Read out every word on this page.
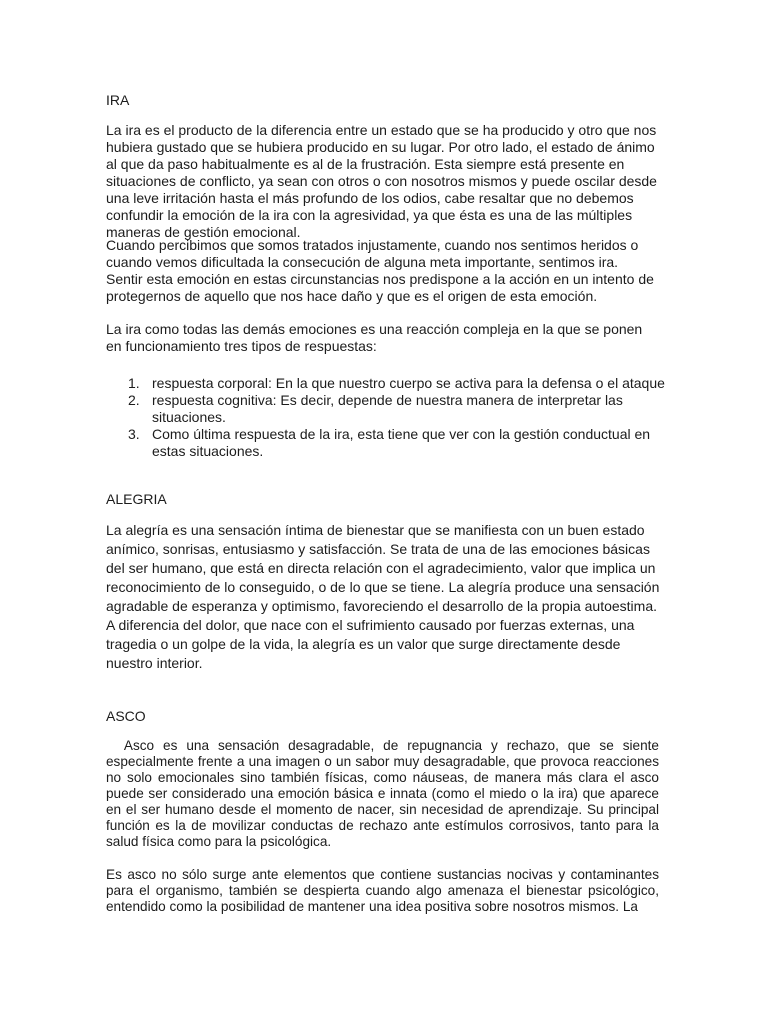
IRA

La ira es el producto de la diferencia entre un estado que se ha producido y otro que nos hubiera gustado que se hubiera producido en su lugar. Por otro lado, el estado de ánimo al que da paso habitualmente es al de la frustración. Esta siempre está presente en situaciones de conflicto, ya sean con otros o con nosotros mismos y puede oscilar desde una leve irritación hasta el más profundo de los odios, cabe resaltar que no debemos confundir la emoción de la ira con la agresividad, ya que ésta es una de las múltiples maneras de gestión emocional.

Cuando percibimos que somos tratados injustamente, cuando nos sentimos heridos o cuando vemos dificultada la consecución de alguna meta importante, sentimos ira. Sentir esta emoción en estas circunstancias nos predispone a la acción en un intento de protegernos de aquello que nos hace daño y que es el origen de esta emoción.

La ira como todas las demás emociones es una reacción compleja en la que se ponen en funcionamiento tres tipos de respuestas:

1. respuesta corporal: En la que nuestro cuerpo se activa para la defensa o el ataque
2. respuesta cognitiva: Es decir, depende de nuestra manera de interpretar las situaciones.
3. Como última respuesta de la ira, esta tiene que ver con la gestión conductual en estas situaciones.
ALEGRIA

La alegría es una sensación íntima de bienestar que se manifiesta con un buen estado anímico, sonrisas, entusiasmo y satisfacción. Se trata de una de las emociones básicas del ser humano, que está en directa relación con el agradecimiento, valor que implica un reconocimiento de lo conseguido, o de lo que se tiene. La alegría produce una sensación agradable de esperanza y optimismo, favoreciendo el desarrollo de la propia autoestima.

A diferencia del dolor, que nace con el sufrimiento causado por fuerzas externas, una tragedia o un golpe de la vida, la alegría es un valor que surge directamente desde nuestro interior.

ASCO

Asco es una sensación desagradable, de repugnancia y rechazo, que se siente especialmente frente a una imagen o un sabor muy desagradable, que provoca reacciones no solo emocionales sino también físicas, como náuseas, de manera más clara el asco puede ser considerado una emoción básica e innata (como el miedo o la ira) que aparece en el ser humano desde el momento de nacer, sin necesidad de aprendizaje. Su principal función es la de movilizar conductas de rechazo ante estímulos corrosivos, tanto para la salud física como para la psicológica.

Es asco no sólo surge ante elementos que contiene sustancias nocivas y contaminantes para el organismo, también se despierta cuando algo amenaza el bienestar psicológico, entendido como la posibilidad de mantener una idea positiva sobre nosotros mismos. La
